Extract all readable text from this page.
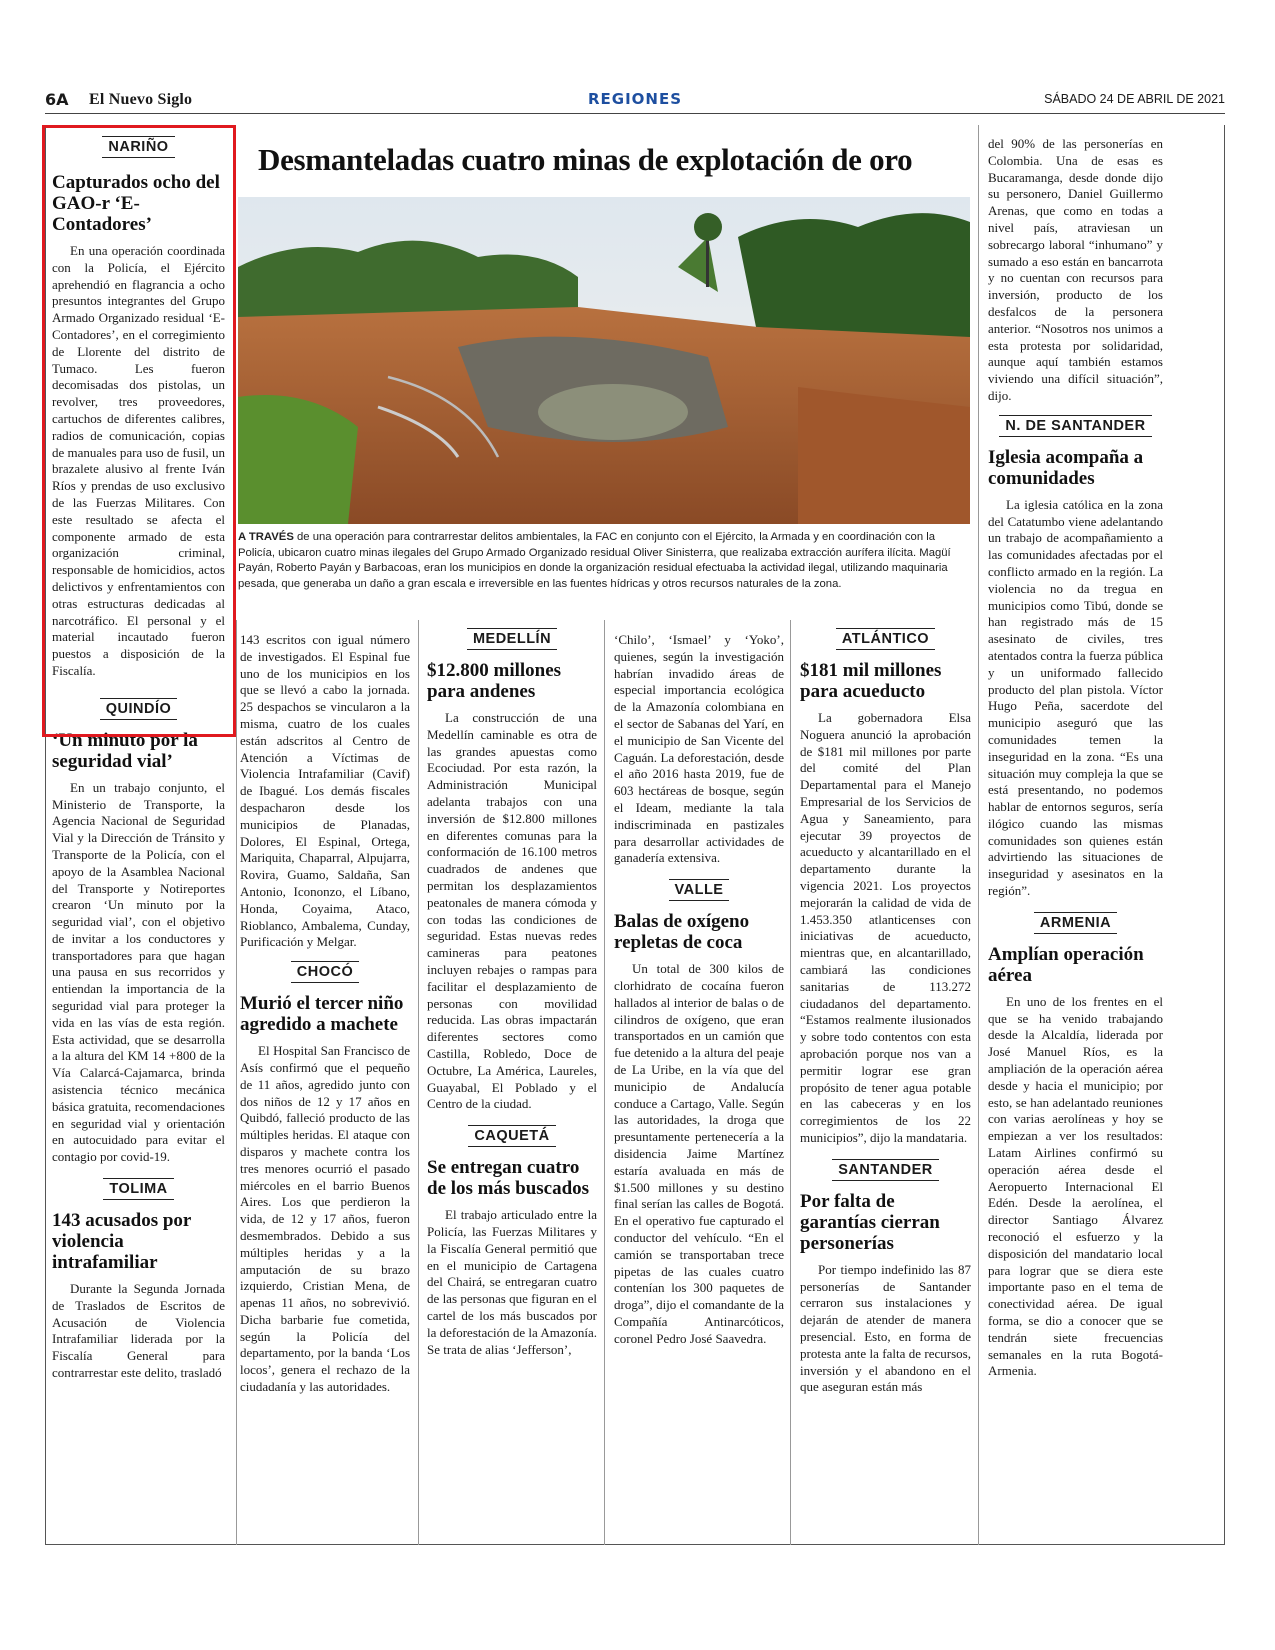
6A El Nuevo Siglo	REGIONES	SÁBADO 24 DE ABRIL DE 2021
NARIÑO
Capturados ocho del GAO-r ‘E-Contadores’

En una operación coordinada con la Policía, el Ejército aprehendió en flagrancia a ocho presuntos integrantes del Grupo Armado Organizado residual ‘E-Contadores’, en el corregimiento de Llorente del distrito de Tumaco. Les fueron decomisadas dos pistolas, un revolver, tres proveedores, cartuchos de diferentes calibres, radios de comunicación, copias de manuales para uso de fusil, un brazalete alusivo al frente Iván Ríos y prendas de uso exclusivo de las Fuerzas Militares. Con este resultado se afecta el componente armado de esta organización criminal, responsable de homicidios, actos delictivos y enfrentamientos con otras estructuras dedicadas al narcotráfico. El personal y el material incautado fueron puestos a disposición de la Fiscalía.

QUINDÍO
‘Un minuto por la seguridad vial’

En un trabajo conjunto, el Ministerio de Transporte, la Agencia Nacional de Seguridad Vial y la Dirección de Tránsito y Transporte de la Policía, con el apoyo de la Asamblea Nacional del Transporte y Notireportes crearon ‘Un minuto por la seguridad vial’, con el objetivo de invitar a los conductores y transportadores para que hagan una pausa en sus recorridos y entiendan la importancia de la seguridad vial para proteger la vida en las vías de esta región. Esta actividad, que se desarrolla a la altura del KM 14 +800 de la Vía Calarcá-Cajamarca, brinda asistencia técnico mecánica básica gratuita, recomendaciones en seguridad vial y orientación en autocuidado para evitar el contagio por covid-19.

TOLIMA
143 acusados por violencia intrafamiliar

Durante la Segunda Jornada de Traslados de Escritos de Acusación de Violencia Intrafamiliar liderada por la Fiscalía General para contrarrestar este delito, trasladó

Desmanteladas cuatro minas de explotación de oro

A TRAVÉS de una operación para contrarrestar delitos ambientales, la FAC en conjunto con el Ejército, la Armada y en coordinación con la Policía, ubicaron cuatro minas ilegales del Grupo Armado Organizado residual Oliver Sinisterra, que realizaba extracción aurífera ilícita. Magüí Payán, Roberto Payán y Barbacoas, eran los municipios en donde la organización residual efectuaba la actividad ilegal, utilizando maquinaria pesada, que generaba un daño a gran escala e irreversible en las fuentes hídricas y otros recursos naturales de la zona.

143 escritos con igual número de investigados. El Espinal fue uno de los municipios en los que se llevó a cabo la jornada. 25 despachos se vincularon a la misma, cuatro de los cuales están adscritos al Centro de Atención a Víctimas de Violencia Intrafamiliar (Cavif) de Ibagué. Los demás fiscales despacharon desde los municipios de Planadas, Dolores, El Espinal, Ortega, Mariquita, Chaparral, Alpujarra, Rovira, Guamo, Saldaña, San Antonio, Icononzo, el Líbano, Honda, Coyaima, Ataco, Rioblanco, Ambalema, Cunday, Purificación y Melgar.

CHOCÓ
Murió el tercer niño agredido a machete

El Hospital San Francisco de Asís confirmó que el pequeño de 11 años, agredido junto con dos niños de 12 y 17 años en Quibdó, falleció producto de las múltiples heridas. El ataque con disparos y machete contra los tres menores ocurrió el pasado miércoles en el barrio Buenos Aires. Los que perdieron la vida, de 12 y 17 años, fueron desmembrados. Debido a sus múltiples heridas y a la amputación de su brazo izquierdo, Cristian Mena, de apenas 11 años, no sobrevivió. Dicha barbarie fue cometida, según la Policía del departamento, por la banda ‘Los locos’, genera el rechazo de la ciudadanía y las autoridades.

MEDELLÍN
$12.800 millones para andenes

La construcción de una Medellín caminable es otra de las grandes apuestas como Ecociudad. Por esta razón, la Administración Municipal adelanta trabajos con una inversión de $12.800 millones en diferentes comunas para la conformación de 16.100 metros cuadrados de andenes que permitan los desplazamientos peatonales de manera cómoda y con todas las condiciones de seguridad. Estas nuevas redes camineras para peatones incluyen rebajes o rampas para facilitar el desplazamiento de personas con movilidad reducida. Las obras impactarán diferentes sectores como Castilla, Robledo, Doce de Octubre, La América, Laureles, Guayabal, El Poblado y el Centro de la ciudad.

CAQUETÁ
Se entregan cuatro de los más buscados

El trabajo articulado entre la Policía, las Fuerzas Militares y la Fiscalía General permitió que en el municipio de Cartagena del Chairá, se entregaran cuatro de las personas que figuran en el cartel de los más buscados por la deforestación de la Amazonía. Se trata de alias ‘Jefferson’,

‘Chilo’, ‘Ismael’ y ‘Yoko’, quienes, según la investigación habrían invadido áreas de especial importancia ecológica de la Amazonía colombiana en el sector de Sabanas del Yarí, en el municipio de San Vicente del Caguán. La deforestación, desde el año 2016 hasta 2019, fue de 603 hectáreas de bosque, según el Ideam, mediante la tala indiscriminada en pastizales para desarrollar actividades de ganadería extensiva.

VALLE
Balas de oxígeno repletas de coca

Un total de 300 kilos de clorhidrato de cocaína fueron hallados al interior de balas o de cilindros de oxígeno, que eran transportados en un camión que fue detenido a la altura del peaje de La Uribe, en la vía que del municipio de Andalucía conduce a Cartago, Valle. Según las autoridades, la droga que presuntamente pertenecería a la disidencia Jaime Martínez estaría avaluada en más de $1.500 millones y su destino final serían las calles de Bogotá. En el operativo fue capturado el conductor del vehículo. “En el camión se transportaban trece pipetas de las cuales cuatro contenían los 300 paquetes de droga”, dijo el comandante de la Compañía Antinarcóticos, coronel Pedro José Saavedra.

ATLÁNTICO
$181 mil millones para acueducto

La gobernadora Elsa Noguera anunció la aprobación de $181 mil millones por parte del comité del Plan Departamental para el Manejo Empresarial de los Servicios de Agua y Saneamiento, para ejecutar 39 proyectos de acueducto y alcantarillado en el departamento durante la vigencia 2021. Los proyectos mejorarán la calidad de vida de 1.453.350 atlanticenses con iniciativas de acueducto, mientras que, en alcantarillado, cambiará las condiciones sanitarias de 113.272 ciudadanos del departamento. “Estamos realmente ilusionados y sobre todo contentos con esta aprobación porque nos van a permitir lograr ese gran propósito de tener agua potable en las cabeceras y en los corregimientos de los 22 municipios”, dijo la mandataria.

SANTANDER
Por falta de garantías cierran personerías

Por tiempo indefinido las 87 personerías de Santander cerraron sus instalaciones y dejarán de atender de manera presencial. Esto, en forma de protesta ante la falta de recursos, inversión y el abandono en el que aseguran están más

del 90% de las personerías en Colombia. Una de esas es Bucaramanga, desde donde dijo su personero, Daniel Guillermo Arenas, que como en todas a nivel país, atraviesan un sobrecargo laboral “inhumano” y sumado a eso están en bancarrota y no cuentan con recursos para inversión, producto de los desfalcos de la personera anterior. “Nosotros nos unimos a esta protesta por solidaridad, aunque aquí también estamos viviendo una difícil situación”, dijo.

N. DE SANTANDER
Iglesia acompaña a comunidades

La iglesia católica en la zona del Catatumbo viene adelantando un trabajo de acompañamiento a las comunidades afectadas por el conflicto armado en la región. La violencia no da tregua en municipios como Tibú, donde se han registrado más de 15 asesinato de civiles, tres atentados contra la fuerza pública y un uniformado fallecido producto del plan pistola. Víctor Hugo Peña, sacerdote del municipio aseguró que las comunidades temen la inseguridad en la zona. “Es una situación muy compleja la que se está presentando, no podemos hablar de entornos seguros, sería ilógico cuando las mismas comunidades son quienes están advirtiendo las situaciones de inseguridad y asesinatos en la región”.

ARMENIA
Amplían operación aérea

En uno de los frentes en el que se ha venido trabajando desde la Alcaldía, liderada por José Manuel Ríos, es la ampliación de la operación aérea desde y hacia el municipio; por esto, se han adelantado reuniones con varias aerolíneas y hoy se empiezan a ver los resultados: Latam Airlines confirmó su operación aérea desde el Aeropuerto Internacional El Edén. Desde la aerolínea, el director Santiago Álvarez reconoció el esfuerzo y la disposición del mandatario local para lograr que se diera este importante paso en el tema de conectividad aérea. De igual forma, se dio a conocer que se tendrán siete frecuencias semanales en la ruta Bogotá-Armenia.
